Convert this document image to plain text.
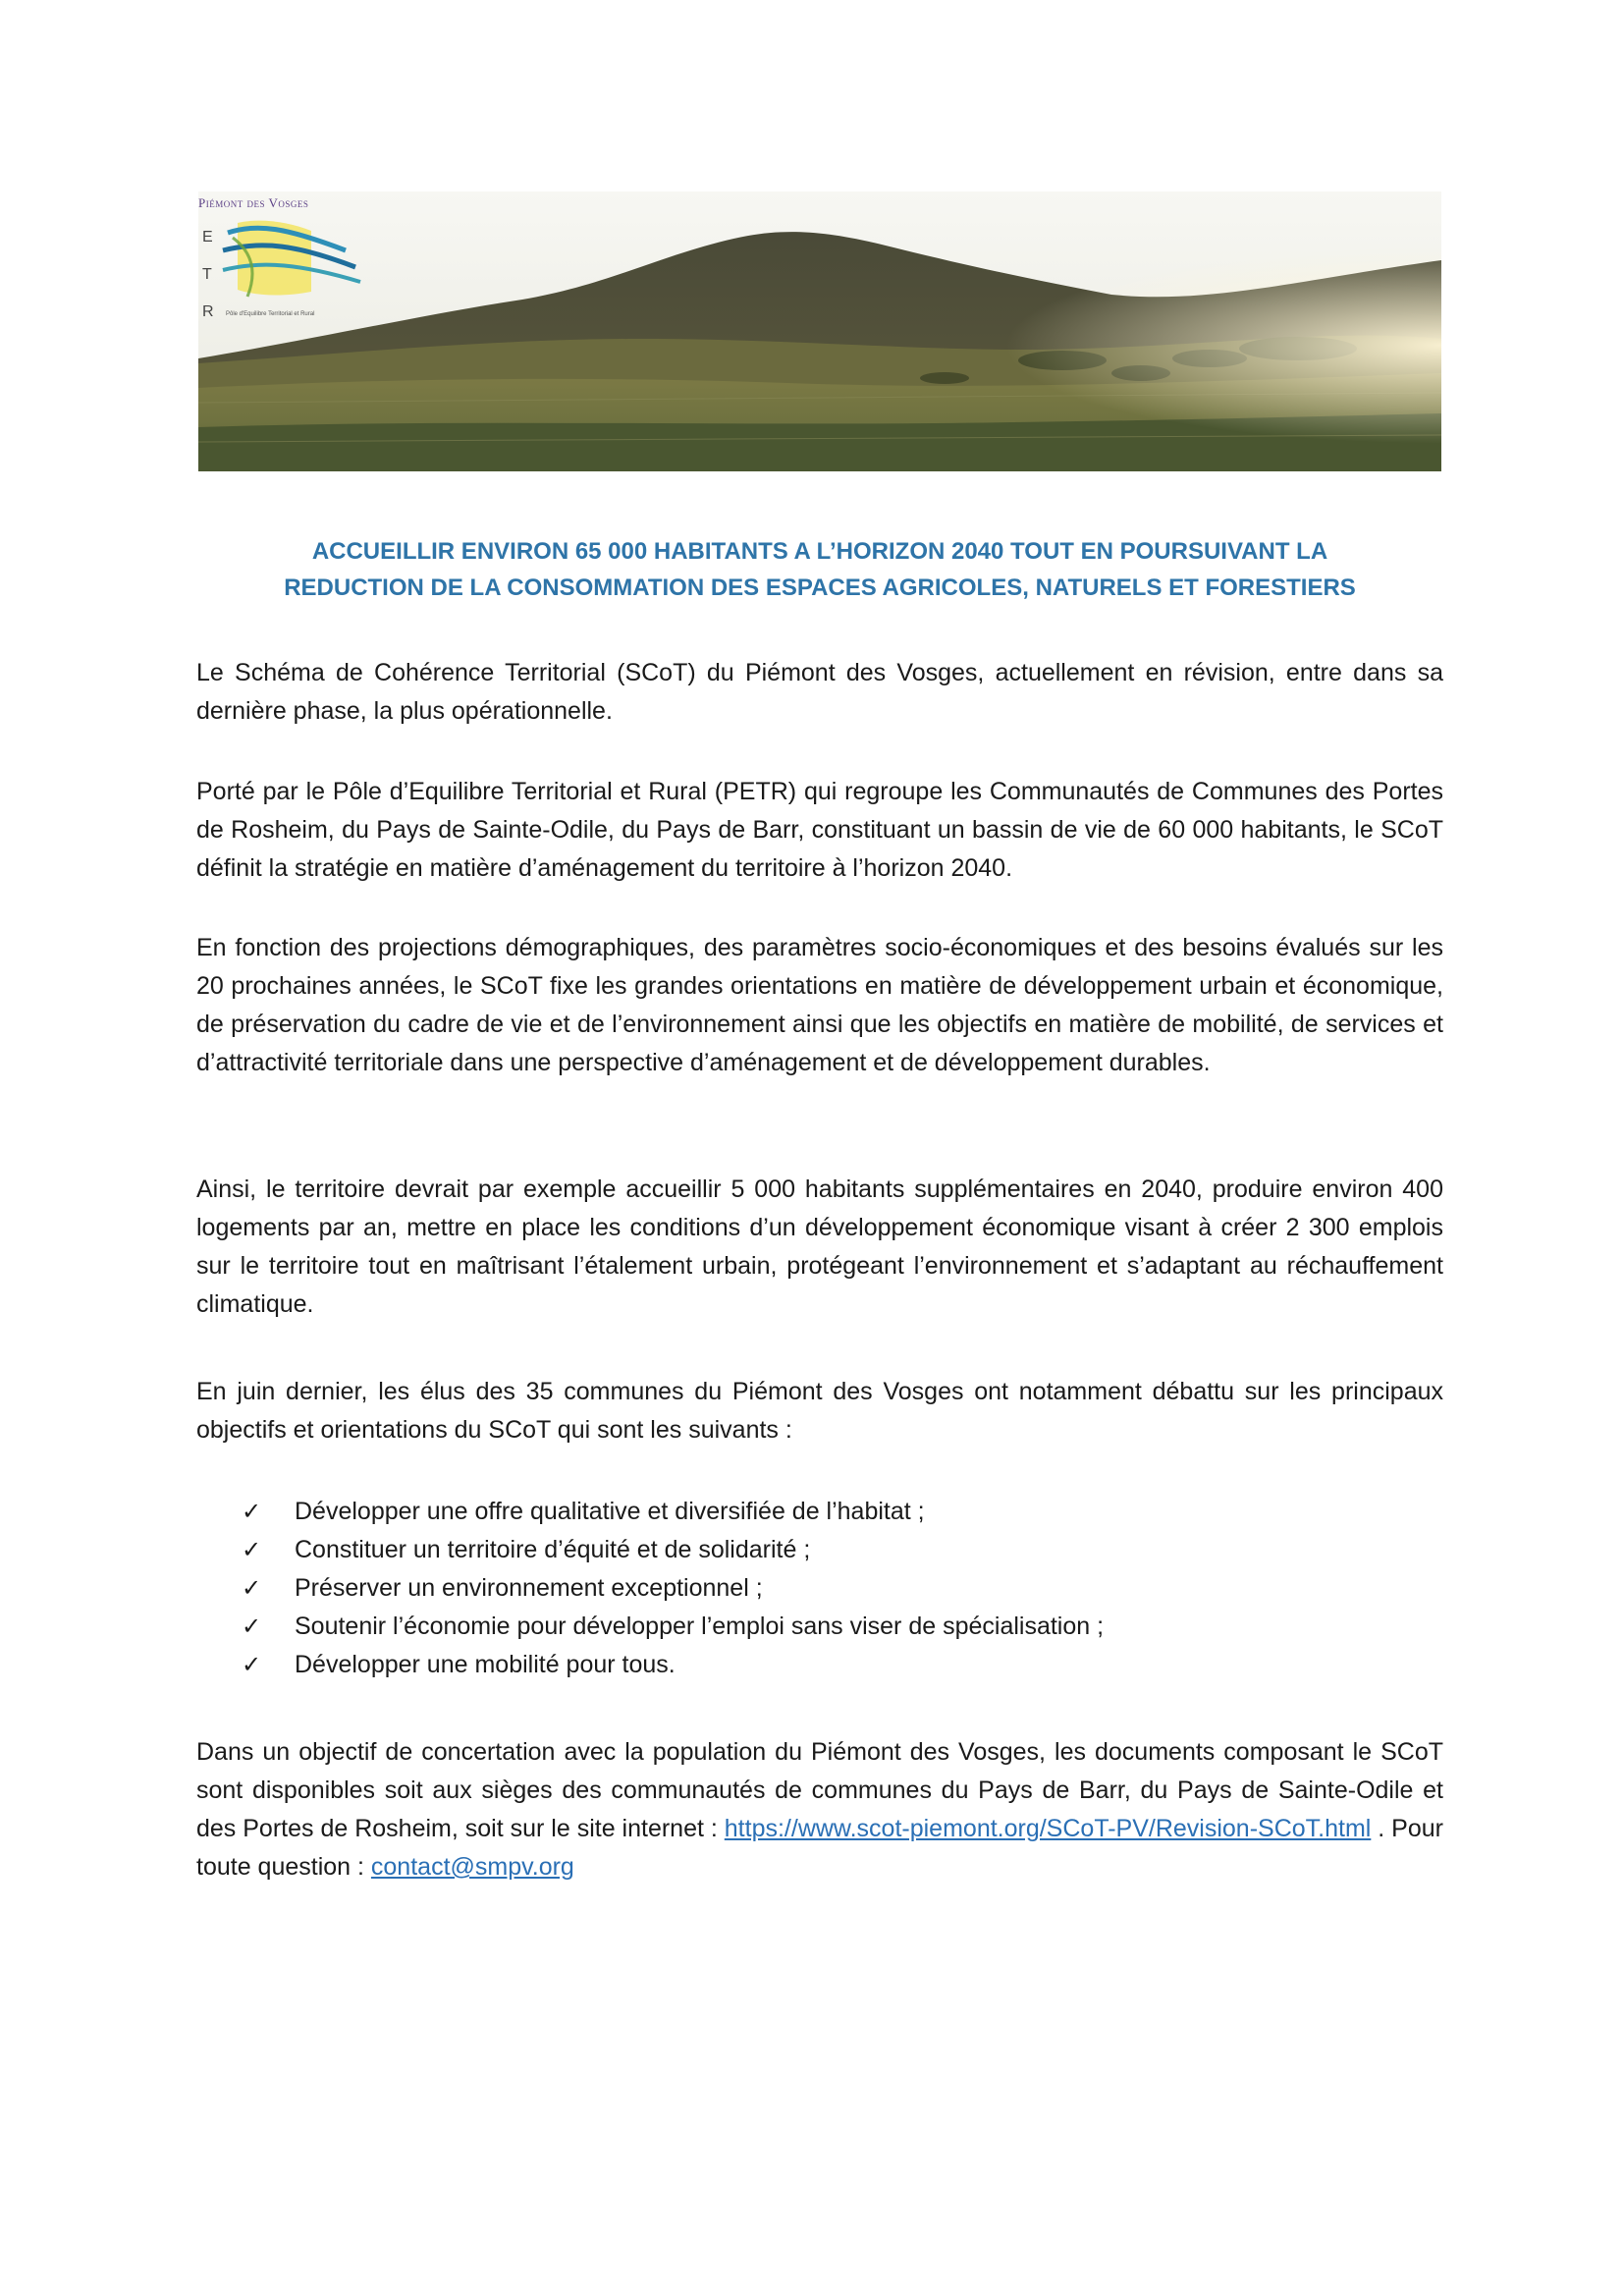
Piémont des Vosges
E
T
R Pôle d'Equilibre Territorial et Rural
ACCUEILLIR ENVIRON 65 000 HABITANTS A L’HORIZON 2040 TOUT EN POURSUIVANT LA
REDUCTION DE LA CONSOMMATION DES ESPACES AGRICOLES, NATURELS ET FORESTIERS

Le Schéma de Cohérence Territorial (SCoT) du Piémont des Vosges, actuellement en révision, entre dans sa dernière phase, la plus opérationnelle.

Porté par le Pôle d’Equilibre Territorial et Rural (PETR) qui regroupe les Communautés de Communes des Portes de Rosheim, du Pays de Sainte-Odile, du Pays de Barr, constituant un bassin de vie de 60 000 habitants, le SCoT définit la stratégie en matière d’aménagement du territoire à l’horizon 2040.

En fonction des projections démographiques, des paramètres socio-économiques et des besoins évalués sur les 20 prochaines années, le SCoT fixe les grandes orientations en matière de développement urbain et économique, de préservation du cadre de vie et de l’environnement ainsi que les objectifs en matière de mobilité, de services et d’attractivité territoriale dans une perspective d’aménagement et de développement durables.

Ainsi, le territoire devrait par exemple accueillir 5 000 habitants supplémentaires en 2040, produire environ 400 logements par an, mettre en place les conditions d’un développement économique visant à créer 2 300 emplois sur le territoire tout en maîtrisant l’étalement urbain, protégeant l’environnement et s’adaptant au réchauffement climatique.

En juin dernier, les élus des 35 communes du Piémont des Vosges ont notamment débattu sur les principaux objectifs et orientations du SCoT qui sont les suivants :

✓ Développer une offre qualitative et diversifiée de l’habitat ;
✓ Constituer un territoire d’équité et de solidarité ;
✓ Préserver un environnement exceptionnel ;
✓ Soutenir l’économie pour développer l’emploi sans viser de spécialisation ;
✓ Développer une mobilité pour tous.

Dans un objectif de concertation avec la population du Piémont des Vosges, les documents composant le SCoT sont disponibles soit aux sièges des communautés de communes du Pays de Barr, du Pays de Sainte-Odile et des Portes de Rosheim, soit sur le site internet : https://www.scot-piemont.org/SCoT-PV/Revision-SCoT.html . Pour toute question : contact@smpv.org
